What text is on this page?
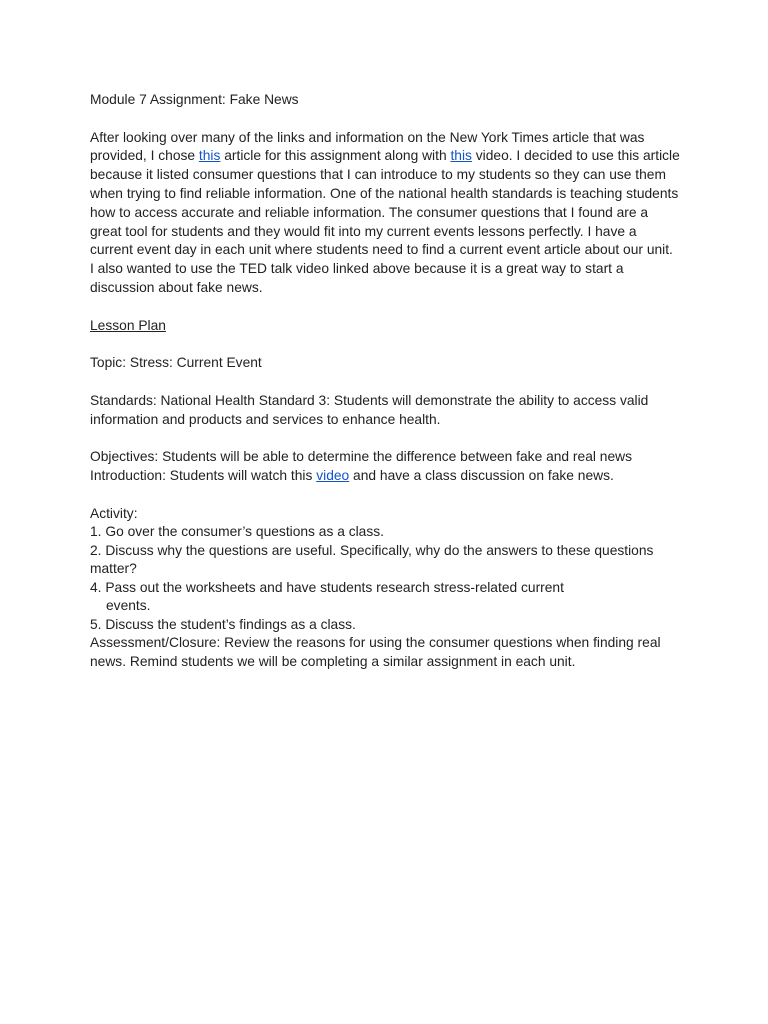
Module 7 Assignment: Fake News

After looking over many of the links and information on the New York Times article that was provided, I chose this article for this assignment along with this video. I decided to use this article because it listed consumer questions that I can introduce to my students so they can use them when trying to find reliable information. One of the national health standards is teaching students how to access accurate and reliable information. The consumer questions that I found are a great tool for students and they would fit into my current events lessons perfectly. I have a current event day in each unit where students need to find a current event article about our unit. I also wanted to use the TED talk video linked above because it is a great way to start a discussion about fake news.

Lesson Plan

Topic: Stress: Current Event

Standards: National Health Standard 3: Students will demonstrate the ability to access valid information and products and services to enhance health.

Objectives: Students will be able to determine the difference between fake and real news

Introduction: Students will watch this video and have a class discussion on fake news.

Activity:

1. Go over the consumer’s questions as a class.

2. Discuss why the questions are useful. Specifically, why do the answers to these questions matter?

4. Pass out the worksheets and have students research stress-related current

events.

5. Discuss the student’s findings as a class.

Assessment/Closure: Review the reasons for using the consumer questions when finding real news. Remind students we will be completing a similar assignment in each unit.
